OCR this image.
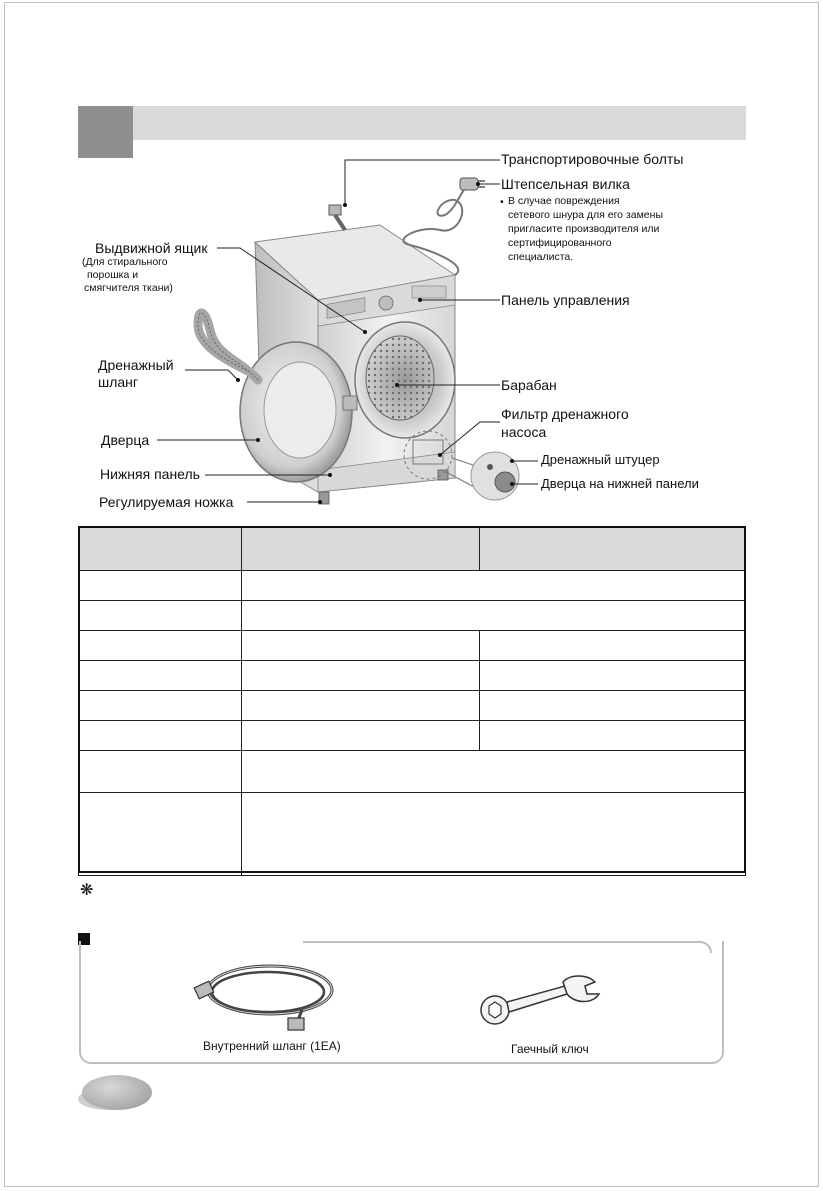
Транспортировочные болты
Штепсельная вилка
• В случае повреждения
сетевого шнура для его замены
пригласите производителя или
сертифицированного
специалиста.
Выдвижной ящик
(Для стирального
порошка и
смягчителя ткани)
Панель управления
Дренажный
шланг	Барабан
Фильтр дренажного
насоса
Дверца
Дренажный штуцер
Нижняя панель
Дверца на нижней панели
Регулируемая ножка

❋
Внутренний шланг (1EA)	Гаечный ключ
